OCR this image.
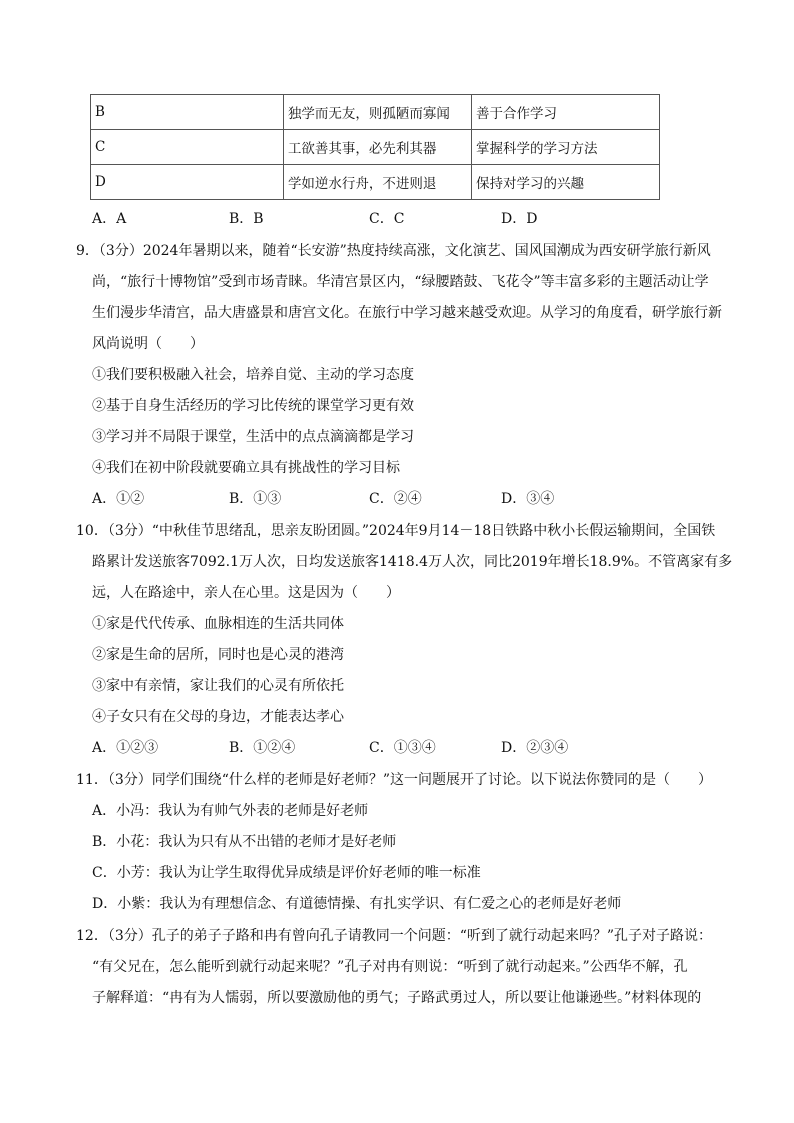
B	独学而无友，则孤陋而寡闻	善于合作学习
C	工欲善其事，必先利其器	掌握科学的学习方法
D	学如逆水行舟，不进则退	保持对学习的兴趣
A．A	B．B	C．C	D．D
9．（3分）2024年暑期以来，随着“长安游”热度持续高涨，文化演艺、国风国潮成为西安研学旅行新风
尚，“旅行十博物馆”受到市场青睐。华清宫景区内，“绿腰踏鼓、飞花令”等丰富多彩的主题活动让学
生们漫步华清宫，品大唐盛景和唐宫文化。在旅行中学习越来越受欢迎。从学习的角度看，研学旅行新
风尚说明（　　）
①我们要积极融入社会，培养自觉、主动的学习态度
②基于自身生活经历的学习比传统的课堂学习更有效
③学习并不局限于课堂，生活中的点点滴滴都是学习
④我们在初中阶段就要确立具有挑战性的学习目标
A．①②	B．①③	C．②④	D．③④
10．（3分）“中秋佳节思绪乱，思亲友盼团圆。”2024年9月14－18日铁路中秋小长假运输期间，全国铁
路累计发送旅客7092.1万人次，日均发送旅客1418.4万人次，同比2019年增长18.9%。不管离家有多
远，人在路途中，亲人在心里。这是因为（　　）
①家是代代传承、血脉相连的生活共同体
②家是生命的居所，同时也是心灵的港湾
③家中有亲情，家让我们的心灵有所依托
④子女只有在父母的身边，才能表达孝心
A．①②③	B．①②④	C．①③④	D．②③④
11．（3分）同学们围绕“什么样的老师是好老师？”这一问题展开了讨论。以下说法你赞同的是（　　）
A．小冯：我认为有帅气外表的老师是好老师
B．小花：我认为只有从不出错的老师才是好老师
C．小芳：我认为让学生取得优异成绩是评价好老师的唯一标准
D．小紫：我认为有理想信念、有道德情操、有扎实学识、有仁爱之心的老师是好老师
12．（3分）孔子的弟子子路和冉有曾向孔子请教同一个问题：“听到了就行动起来吗？”孔子对子路说：
“有父兄在，怎么能听到就行动起来呢？”孔子对冉有则说：“听到了就行动起来。”公西华不解，孔
子解释道：“冉有为人懦弱，所以要激励他的勇气；子路武勇过人，所以要让他谦逊些。”材料体现的
